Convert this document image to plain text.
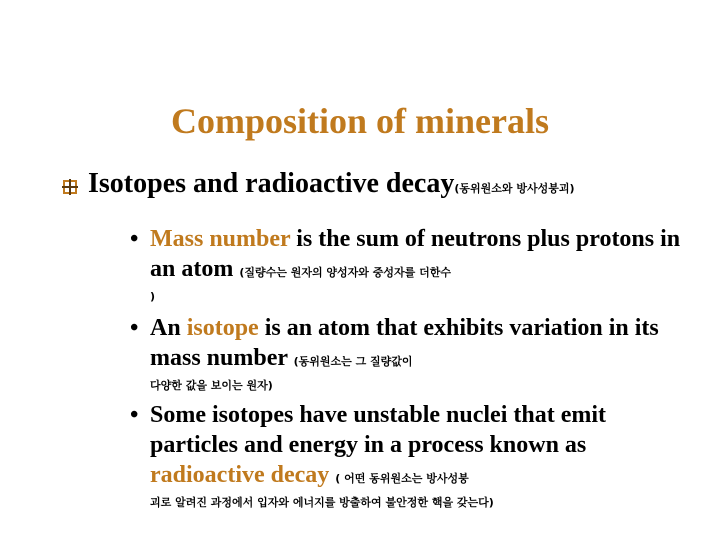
Composition of minerals
Isotopes and radioactive decay(동위원소와 방사성붕괴)
• Mass number is the sum of neutrons plus protons in an atom (질량수는 원자의 양성자와 중성자를 더한수
)
• An isotope is an atom that exhibits variation in its mass number (동위원소는 그 질량값이
다양한 값을 보이는 원자)
• Some isotopes have unstable nuclei that emit particles and energy in a process known as radioactive decay ( 어떤 동위원소는 방사성붕
괴로 알려진 과정에서 입자와 에너지를 방출하여 불안정한 핵을 갖는다)
